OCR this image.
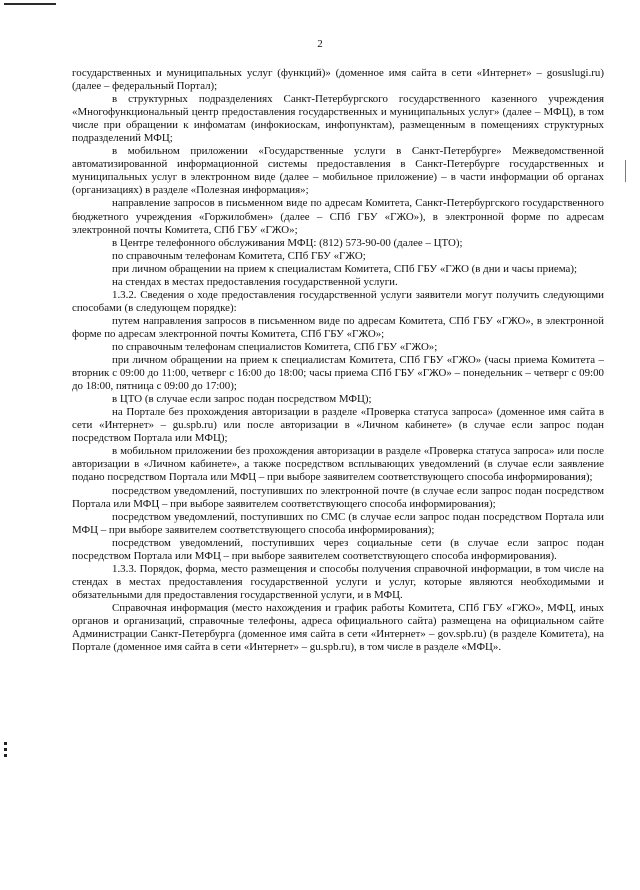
2

государственных и муниципальных услуг (функций)» (доменное имя сайта в сети «Интернет» – gosuslugi.ru) (далее – федеральный Портал);

в структурных подразделениях Санкт-Петербургского государственного казенного учреждения «Многофункциональный центр предоставления государственных и муниципальных услуг» (далее – МФЦ), в том числе при обращении к инфоматам (инфокиоскам, инфопунктам), размещенным в помещениях структурных подразделений МФЦ;

в мобильном приложении «Государственные услуги в Санкт-Петербурге» Межведомственной автоматизированной информационной системы предоставления в Санкт-Петербурге государственных и муниципальных услуг в электронном виде (далее – мобильное приложение) – в части информации об органах (организациях) в разделе «Полезная информация»;

направление запросов в письменном виде по адресам Комитета, Санкт-Петербургского государственного бюджетного учреждения «Горжилобмен» (далее – СПб ГБУ «ГЖО»), в электронной форме по адресам электронной почты Комитета, СПб ГБУ «ГЖО»;

в Центре телефонного обслуживания МФЦ: (812) 573-90-00 (далее – ЦТО);

по справочным телефонам Комитета, СПб ГБУ «ГЖО;

при личном обращении на прием к специалистам Комитета, СПб ГБУ «ГЖО (в дни и часы приема);

на стендах в местах предоставления государственной услуги.

1.3.2. Сведения о ходе предоставления государственной услуги заявители могут получить следующими способами (в следующем порядке):

путем направления запросов в письменном виде по адресам Комитета, СПб ГБУ «ГЖО», в электронной форме по адресам электронной почты Комитета, СПб ГБУ «ГЖО»;

по справочным телефонам специалистов Комитета, СПб ГБУ «ГЖО»;

при личном обращении на прием к специалистам Комитета, СПб ГБУ «ГЖО» (часы приема Комитета – вторник с 09:00 до 11:00, четверг с 16:00 до 18:00; часы приема СПб ГБУ «ГЖО» – понедельник – четверг с 09:00 до 18:00, пятница с 09:00 до 17:00);

в ЦТО (в случае если запрос подан посредством МФЦ);

на Портале без прохождения авторизации в разделе «Проверка статуса запроса» (доменное имя сайта в сети «Интернет» – gu.spb.ru) или после авторизации в «Личном кабинете» (в случае если запрос подан посредством Портала или МФЦ);

в мобильном приложении без прохождения авторизации в разделе «Проверка статуса запроса» или после авторизации в «Личном кабинете», а также посредством всплывающих уведомлений (в случае если заявление подано посредством Портала или МФЦ – при выборе заявителем соответствующего способа информирования);

посредством уведомлений, поступивших по электронной почте (в случае если запрос подан посредством Портала или МФЦ – при выборе заявителем соответствующего способа информирования);

посредством уведомлений, поступивших по СМС (в случае если запрос подан посредством Портала или МФЦ – при выборе заявителем соответствующего способа информирования);

посредством уведомлений, поступивших через социальные сети (в случае если запрос подан посредством Портала или МФЦ – при выборе заявителем соответствующего способа информирования).

1.3.3. Порядок, форма, место размещения и способы получения справочной информации, в том числе на стендах в местах предоставления государственной услуги и услуг, которые являются необходимыми и обязательными для предоставления государственной услуги, и в МФЦ.

Справочная информация (место нахождения и график работы Комитета, СПб ГБУ «ГЖО», МФЦ, иных органов и организаций, справочные телефоны, адреса официального сайта) размещена на официальном сайте Администрации Санкт-Петербурга (доменное имя сайта в сети «Интернет» – gov.spb.ru) (в разделе Комитета), на Портале (доменное имя сайта в сети «Интернет» – gu.spb.ru), в том числе в разделе «МФЦ».
